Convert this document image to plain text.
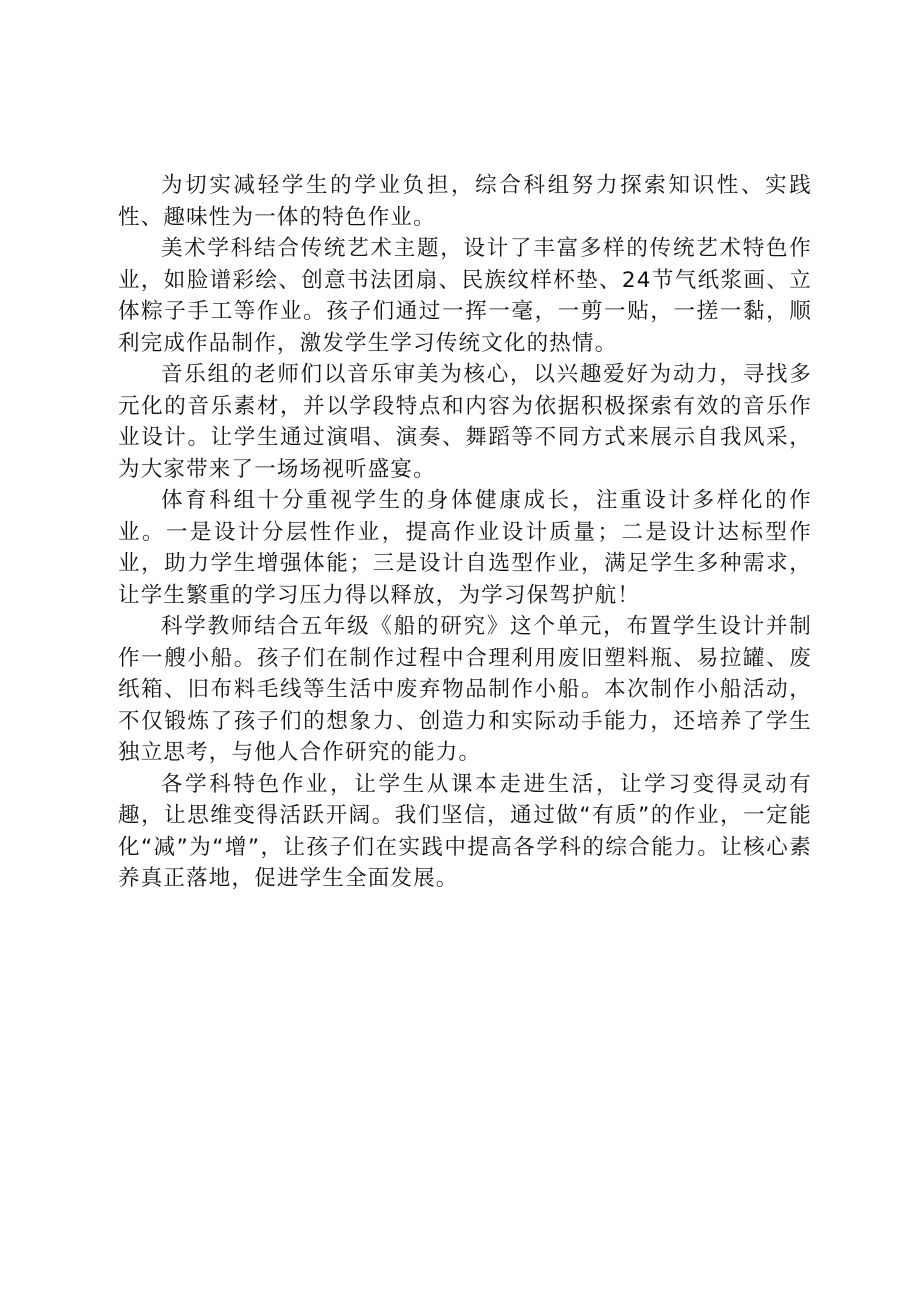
为切实减轻学生的学业负担，综合科组努力探索知识性、实践性、趣味性为一体的特色作业。

美术学科结合传统艺术主题，设计了丰富多样的传统艺术特色作业，如脸谱彩绘、创意书法团扇、民族纹样杯垫、24节气纸浆画、立体粽子手工等作业。孩子们通过一挥一毫，一剪一贴，一搓一黏，顺利完成作品制作，激发学生学习传统文化的热情。

音乐组的老师们以音乐审美为核心，以兴趣爱好为动力，寻找多元化的音乐素材，并以学段特点和内容为依据积极探索有效的音乐作业设计。让学生通过演唱、演奏、舞蹈等不同方式来展示自我风采，为大家带来了一场场视听盛宴。

体育科组十分重视学生的身体健康成长，注重设计多样化的作业。一是设计分层性作业，提高作业设计质量；二是设计达标型作业，助力学生增强体能；三是设计自选型作业，满足学生多种需求，让学生繁重的学习压力得以释放，为学习保驾护航！

科学教师结合五年级《船的研究》这个单元，布置学生设计并制作一艘小船。孩子们在制作过程中合理利用废旧塑料瓶、易拉罐、废纸箱、旧布料毛线等生活中废弃物品制作小船。本次制作小船活动，不仅锻炼了孩子们的想象力、创造力和实际动手能力，还培养了学生独立思考，与他人合作研究的能力。

各学科特色作业，让学生从课本走进生活，让学习变得灵动有趣，让思维变得活跃开阔。我们坚信，通过做“有质”的作业，一定能化“减”为“增”，让孩子们在实践中提高各学科的综合能力。让核心素养真正落地，促进学生全面发展。
